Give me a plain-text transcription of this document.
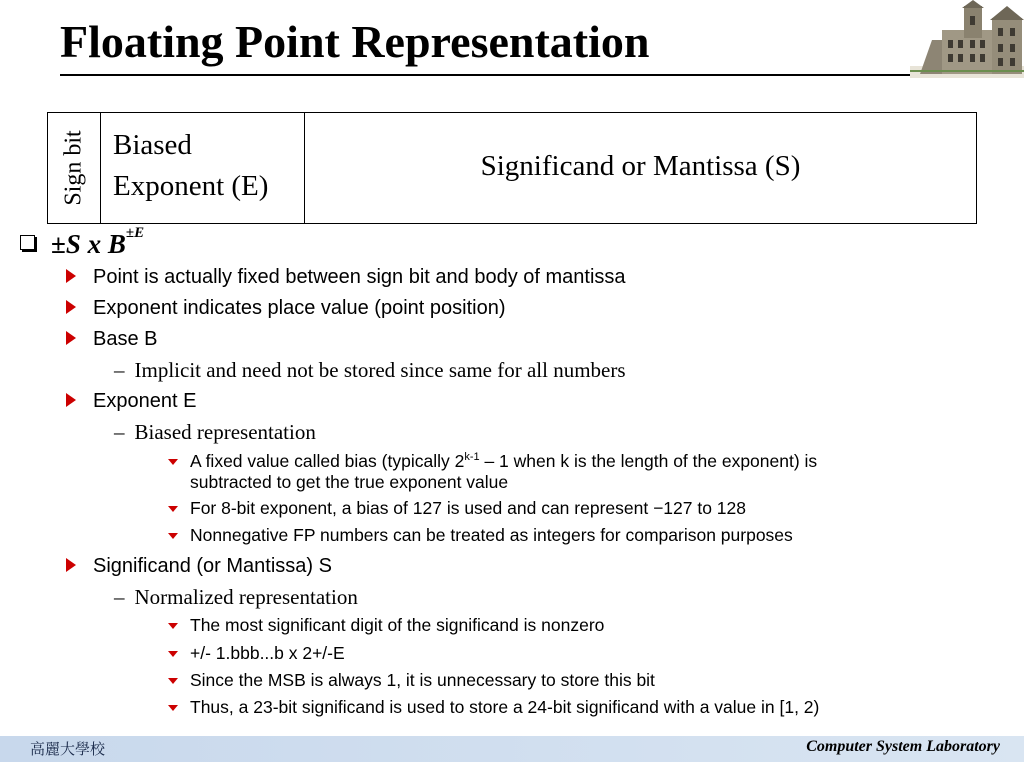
Floating Point Representation
Sign bit Biased
Exponent (E)
Significand or Mantissa (S)
±S x $B^{\pm E}$
Point is actually fixed between sign bit and body of mantissa
Exponent indicates place value (point position)
Base B
– Implicit and need not be stored since same for all numbers
Exponent E
– Biased representation
A fixed value called bias (typically 2$^{k-1}$ – 1 when k is the length of the exponent) is
subtracted to get the true exponent value
For 8-bit exponent, a bias of 127 is used and can represent −127 to 128
Nonnegative FP numbers can be treated as integers for comparison purposes
Significand (or Mantissa) S
– Normalized representation
The most significant digit of the significand is nonzero
+/- 1.bbb...b x 2+/-E
Since the MSB is always 1, it is unnecessary to store this bit
Thus, a 23-bit significand is used to store a 24-bit significand with a value in [1, 2)
高麗大學校	Computer System Laboratory
